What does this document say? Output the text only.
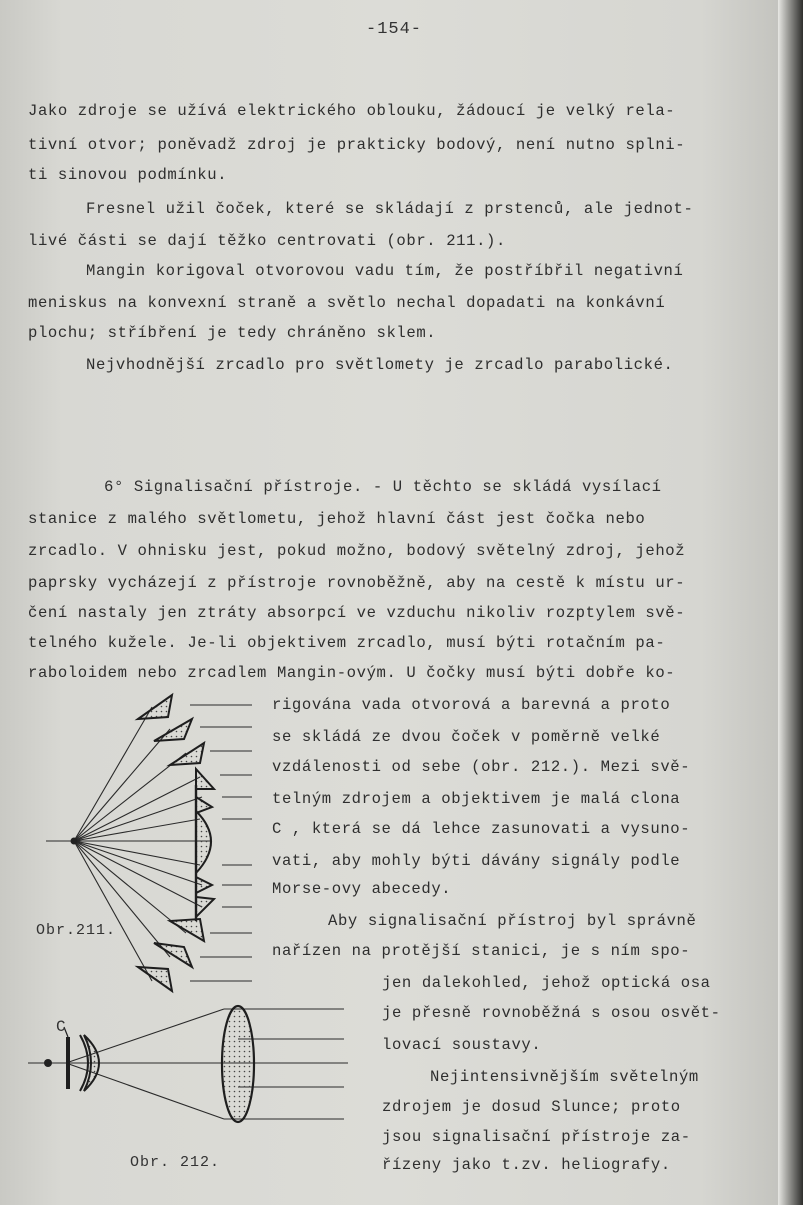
-154-
Jako zdroje se užívá elektrického oblouku, žádoucí je velký rela-
tivní otvor; poněvadž zdroj je prakticky bodový, není nutno splni-
ti sinovou podmínku.
Fresnel užil čoček, které se skládají z prstenců, ale jednot-
livé části se dají těžko centrovati (obr. 211.).
Mangin korigoval otvorovou vadu tím, že postříbřil negativní
meniskus na konvexní straně a světlo nechal dopadati na konkávní
plochu; stříbření je tedy chráněno sklem.
Nejvhodnější zrcadlo pro světlomety je zrcadlo parabolické.
6° Signalisační přístroje. - U těchto se skládá vysílací
stanice z malého světlometu, jehož hlavní část jest čočka nebo
zrcadlo. V ohnisku jest, pokud možno, bodový světelný zdroj, jehož
paprsky vycházejí z přístroje rovnoběžně, aby na cestě k místu ur-
čení nastaly jen ztráty absorpcí ve vzduchu nikoliv rozptylem svě-
telného kužele. Je-li objektivem zrcadlo, musí býti rotačním pa-
raboloidem nebo zrcadlem Mangin-ovým. U čočky musí býti dobře ko-
rigována vada otvorová a barevná a proto
se skládá ze dvou čoček v poměrně velké
vzdálenosti od sebe (obr. 212.). Mezi svě-
telným zdrojem a objektivem je malá clona
C , která se dá lehce zasunovati a vysuno-
vati, aby mohly býti dávány signály podle
Morse-ovy abecedy.
Aby signalisační přístroj byl správně
nařízen na protější stanici, je s ním spo-
jen dalekohled, jehož optická osa
je přesně rovnoběžná s osou osvět-
lovací soustavy.
Nejintensivnějším světelným
zdrojem je dosud Slunce; proto
jsou signalisační přístroje za-
řízeny jako t.zv. heliografy.
Obr.211.
C
Obr. 212.
